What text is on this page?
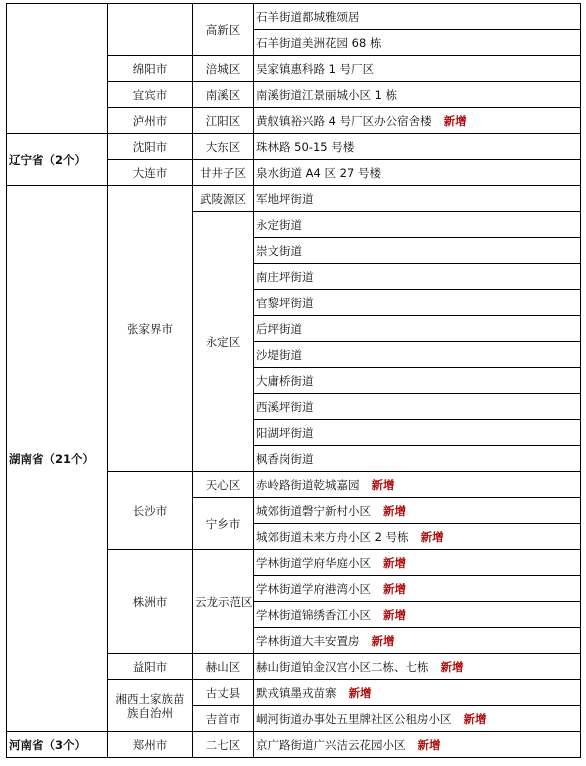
		高新区	石羊街道都城雅颂居
			石羊街道美洲花园 68 栋
	绵阳市	涪城区	吴家镇惠科路 1 号厂区
	宜宾市	南溪区	南溪街道江景丽城小区 1 栋
	泸州市	江阳区	黄舣镇裕兴路 4 号厂区办公宿舍楼 新增
辽宁省（2个）	沈阳市	大东区	珠林路 50-15 号楼
	大连市	甘井子区	泉水街道 A4 区 27 号楼
湖南省（21个）	张家界市	武陵源区	军地坪街道
		永定区	永定街道
			崇文街道
			南庄坪街道
			官黎坪街道
			后坪街道
			沙堤街道
			大庸桥街道
			西溪坪街道
			阳湖坪街道
			枫香岗街道
	长沙市	天心区	赤岭路街道乾城嘉园 新增
		宁乡市	城郊街道磬宁新村小区 新增
			城郊街道未来方舟小区 2 号栋 新增
	株洲市	云龙示范区	学林街道学府华庭小区 新增
			学林街道学府港湾小区 新增
			学林街道锦绣香江小区 新增
			学林街道大丰安置房 新增
	益阳市	赫山区	赫山街道铂金汉宫小区二栋、七栋 新增
	湘西土家族苗族自治州	古丈县	默戎镇墨戎苗寨 新增
		吉首市	峒河街道办事处五里牌社区公租房小区 新增
河南省（3个）	郑州市	二七区	京广路街道广兴洁云花园小区 新增
